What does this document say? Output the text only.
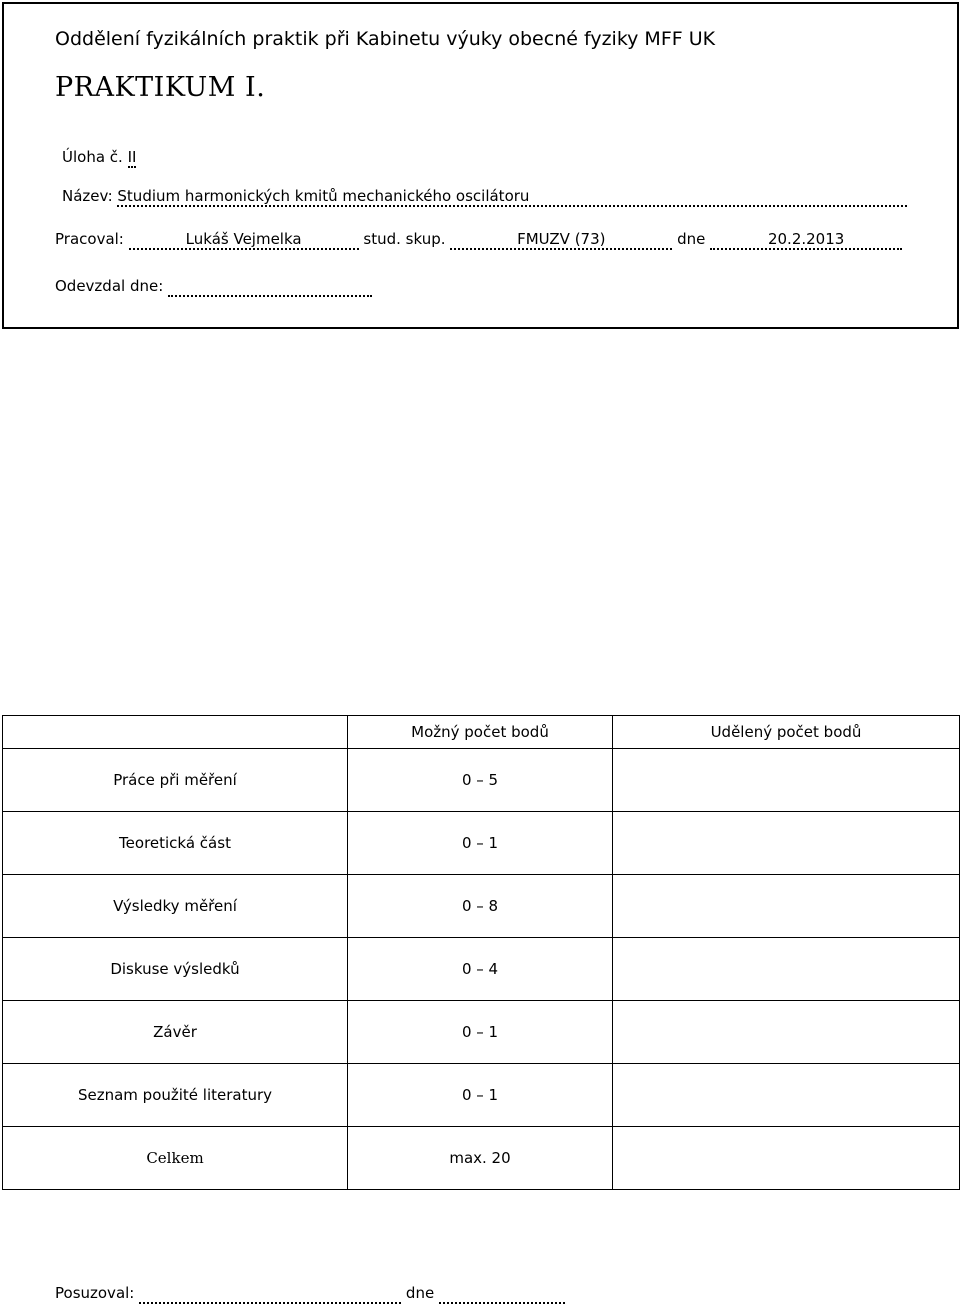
Oddělení fyzikálních praktik při Kabinetu výuky obecné fyziky MFF UK
PRAKTIKUM I.
Úloha č. II
Název: Studium harmonických kmitů mechanického oscilátoru
Pracoval:	Lukáš Vejmelka	stud. skup.	FMUZV (73)	dne	20.2.2013
Odevzdal dne:
	Možný počet bodů	Udělený počet bodů
Práce při měření	0 – 5	
Teoretická část	0 – 1	
Výsledky měření	0 – 8	
Diskuse výsledků	0 – 4	
Závěr	0 – 1	
Seznam použité literatury	0 – 1	
Celkem	max. 20	
Posuzoval:	dne
